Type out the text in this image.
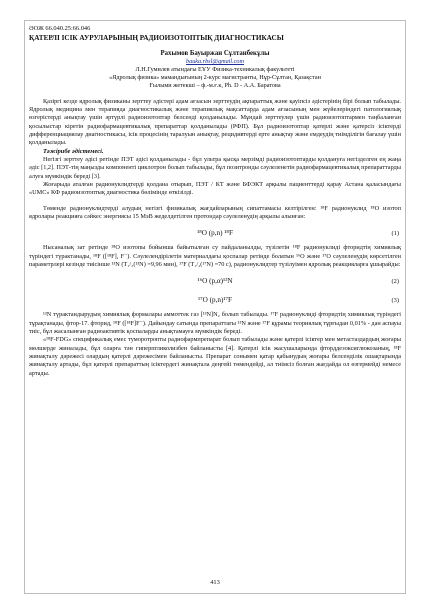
ӘОЖ 66.040.25:66.046
ҚАТЕРЛІ ІСІК АУРУЛАРЫНЫҢ РАДИОИЗОТОПТЫҚ ДИАГНОСТИКАСЫ
Рахымов Бауыржан Сұлтанбекұлы
bauka.rbsl@gmail.com
Л.Н.Гумилев атындағы ЕҰУ Физика-техникалық факультеті
«Ядролық физика» мамандығының 2-курс магистранты, Нұр-Сұлтан, Қазақстан
Ғылыми жетекші – ф.-м.ғ.к, Ph. D - А.А. Баратова

Қазіргі кезде ядролық физиканы зерттеу әдістері адам ағзасын зерттеудің ақпараттық және қауіпсіз әдістерінің бірі болып табылады. Ядролық медицина мен терапияда диагностикалық және терапиялық мақсаттарда адам ағзасының мен жүйелеріндегі патологиялық өзгерістерді анықтау үшін әртүрлі радиоизотоптар белсенді қолданылады. Мұндай зерттеулер үшін радиоизотоптармен таңбаланған қосылыстар кіретін радиофармацевтикалық препараттар қолданылады (РФП). Бұл радиоизотоптар қатерлі және қатерсіз ісіктерді дифференциациялау диагностикасы, ісік процесінің таралуын анықтау, рецидивтерді ерте анықтау және емдеудің тиімділігін бағалау үшін қолданылады.

Тәжірибе әдістемесі.

Негізгі зерттеу әдісі ретінде ПЭТ әдісі қолданылады - бұл ультра қысқа мерзімді радиоизотоптарды қолдануға негізделген ең жаңа әдіс [1,2]. ПЭТ-тің маңызды компоненті циклотрон болып табылады, бұл позитронды сәулеленетін радиофармацевтикалық препараттарды алуға мүмкіндік береді [3].

Жоғарыда аталған радионуклидтерді қолдана отырып, ПЭТ / КТ және БФЭКТ арқылы пациенттерді қарау Астана қаласындағы «UMC» КФ радиоизотоптық диагностика бөлімінде өткізілді.

Төменде радионуклидтерді алудың негізгі физикалық жағдайларының сипаттамасы келтірілген: ¹⁸F радионуклид ¹⁸O изотоп ядролары реакцияға сәйкес энергиясы 15 МэВ жеделдетілген протондар сәулеленудің арқылы алынған:

¹⁸O (p,n) ¹⁸F	(1)

Нысаналық зат ретінде ¹⁸O изотопы бойынша байытылған су пайдаланылды, түзілетін ¹⁸F радионуклиді фторидтің химиялық түріндегі түрактанады, ¹⁸F ([¹⁸F], F⁻). Сәулелендірілетін материалдағы қоспалар ретінде болатын ¹⁶O және ¹⁷O сәулеленудің көрсетілген параметрлері кезінде тиісінше ¹³N (T₁/₂(¹³N) =9,96 мин), ¹⁷F (T₁/₂(¹⁷N) =70 с), радионуклидтер түзілуімен ядролық реакцияларға ұшырайды:

¹⁶O (p,α)¹³N	(2)
¹⁷O (p,n)¹⁷F	(3)

¹³N түрактандырудың химиялық формалары аммоттек газ [¹³N]N₂ болып табылады. ¹⁷F радионуклиді фторидтің химиялық түріндегі тұрақтанады, фтор-17. фторид, ¹⁸F ([¹⁸F]F⁻). Дайындау сатында препараттағы ¹³N және ¹⁷F құрамы теориялық тұрғыдан 0,01% - дан аспауы тиіс, бұл жасалынған радиоактивтік қоспаларды анықтамауға мүмкіндік береді.

«¹⁸F-FDG» спецификалық емес туморотропты радиофармпрепарат болып табылады және қатерлі ісіктер мен метастаздардың жоғары мөлшерде жиналады, бұл оларға тән гиперпгликолизбен байланысты [4]. Қатерлі ісік жасушаларында фторддезоксиглюкозаның, ¹⁸F жинақталу дәрежесі олардың қатерлі дәрежесімен байланысты. Препарат сонымен қатар қабынудың жоғары белсенділік ошақтарында жинақталу артады, бұл қатерлі препараттың ісіктердегі жинақтала деңгейі төмендейді, ал тиімсіз болған жағдайда ол өзгермейді немесе артады.

413
